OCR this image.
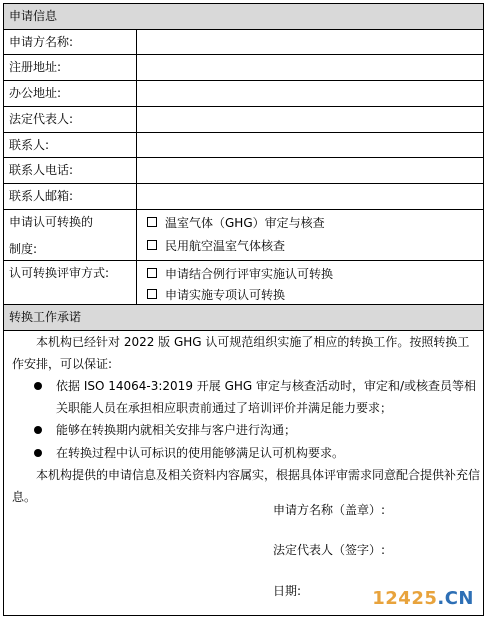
申请信息
申请方名称:
注册地址:
办公地址:
法定代表人:
联系人:
联系人电话:
联系人邮箱:
申请认可转换的
制度:
温室气体（GHG）审定与核查
民用航空温室气体核查
认可转换评审方式:	申请结合例行评审实施认可转换
申请实施专项认可转换
转换工作承诺
本机构已经针对 2022 版 GHG 认可规范组织实施了相应的转换工作。按照转换工作安排，可以保证:
依据 ISO 14064-3:2019 开展 GHG 审定与核查活动时，审定和/或核查员等相关职能人员在承担相应职责前通过了培训评价并满足能力要求；
能够在转换期内就相关安排与客户进行沟通；
在转换过程中认可标识的使用能够满足认可机构要求。
本机构提供的申请信息及相关资料内容属实，根据具体评审需求同意配合提供补充信息。
申请方名称（盖章）:
法定代表人（签字）:
日期:	12425.CN
